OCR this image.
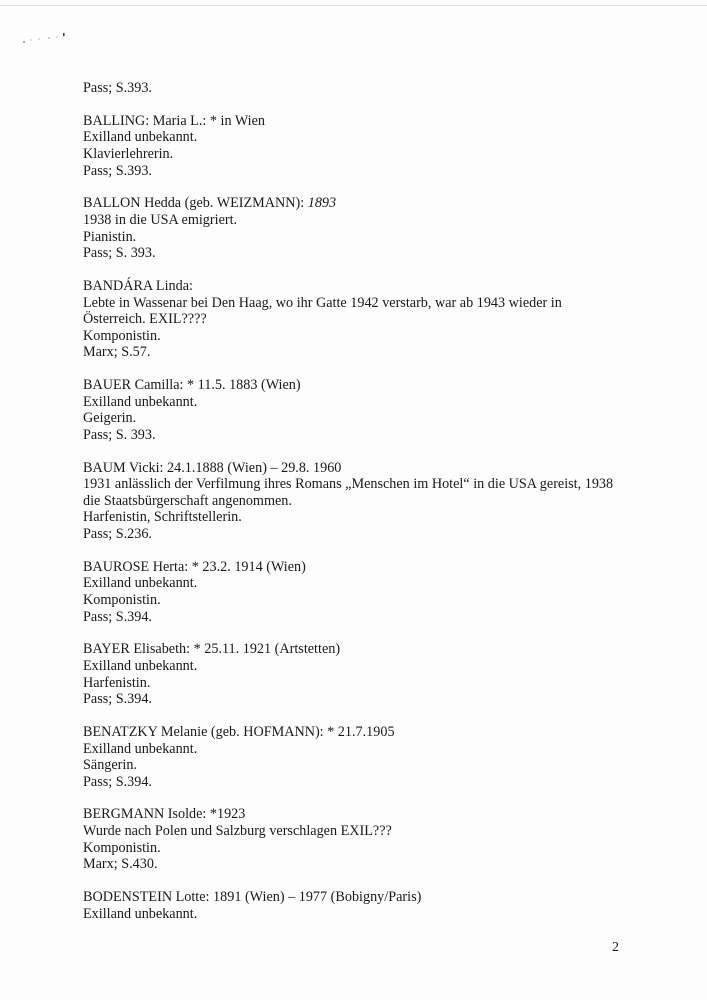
Pass; S.393.
BALLING: Maria L.: * in Wien
Exilland unbekannt.
Klavierlehrerin.
Pass; S.393.
BALLON Hedda (geb. WEIZMANN): 1893
1938 in die USA emigriert.
Pianistin.
Pass; S. 393.
BANDÁRA Linda:
Lebte in Wassenar bei Den Haag, wo ihr Gatte 1942 verstarb, war ab 1943 wieder in
Österreich. EXIL????
Komponistin.
Marx; S.57.
BAUER Camilla: * 11.5. 1883 (Wien)
Exilland unbekannt.
Geigerin.
Pass; S. 393.
BAUM Vicki: 24.1.1888 (Wien) – 29.8. 1960
1931 anlässlich der Verfilmung ihres Romans „Menschen im Hotel“ in die USA gereist, 1938
die Staatsbürgerschaft angenommen.
Harfenistin, Schriftstellerin.
Pass; S.236.
BAUROSE Herta: * 23.2. 1914 (Wien)
Exilland unbekannt.
Komponistin.
Pass; S.394.
BAYER Elisabeth: * 25.11. 1921 (Artstetten)
Exilland unbekannt.
Harfenistin.
Pass; S.394.
BENATZKY Melanie (geb. HOFMANN): * 21.7.1905
Exilland unbekannt.
Sängerin.
Pass; S.394.
BERGMANN Isolde: *1923
Wurde nach Polen und Salzburg verschlagen EXIL???
Komponistin.
Marx; S.430.
BODENSTEIN Lotte: 1891 (Wien) – 1977 (Bobigny/Paris)
Exilland unbekannt.
2
